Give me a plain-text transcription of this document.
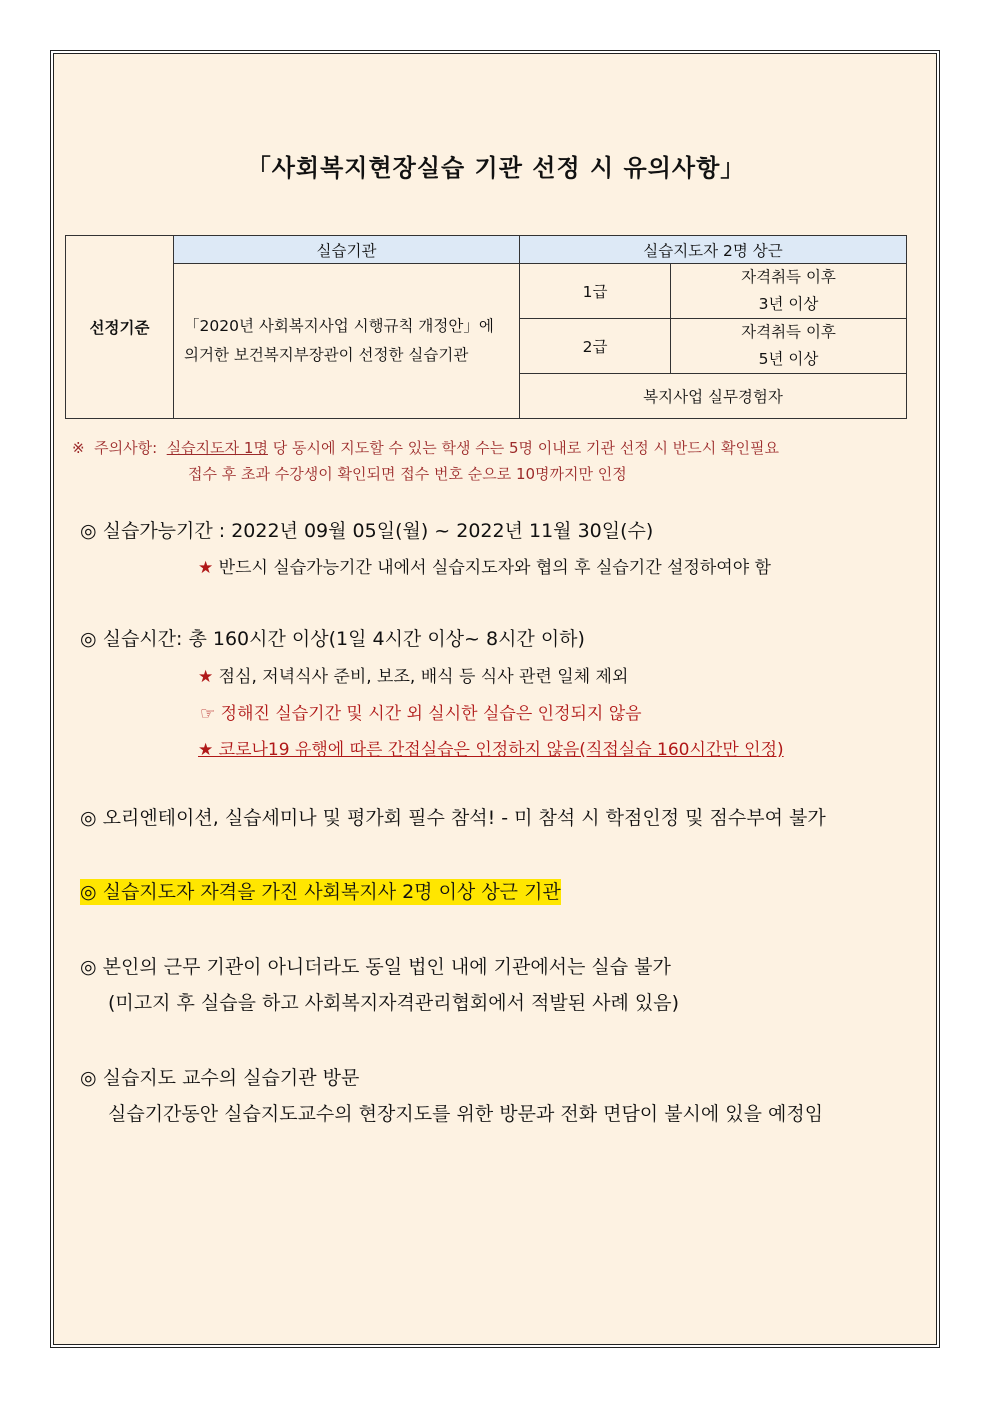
「사회복지현장실습 기관 선정 시 유의사항」
선정기준	실습기관	실습지도자 2명 상근	
	「2020년 사회복지사업 시행규칙 개정안」에 의거한 보건복지부장관이 선정한 실습기관	1급	자격취득 이후
3년 이상

		2급	자격취득 이후
5년 이상

		복지사업 실무경험자	
※ 주의사항: 실습지도자 1명 당 동시에 지도할 수 있는 학생 수는 5명 이내로 기관 선정 시 반드시 확인필요
접수 후 초과 수강생이 확인되면 접수 번호 순으로 10명까지만 인정
◎ 실습가능기간 : 2022년 09월 05일(월) ~ 2022년 11월 30일(수)
★ 반드시 실습가능기간 내에서 실습지도자와 협의 후 실습기간 설정하여야 함
◎ 실습시간: 총 160시간 이상(1일 4시간 이상~ 8시간 이하)
★ 점심, 저녁식사 준비, 보조, 배식 등 식사 관련 일체 제외
☞ 정해진 실습기간 및 시간 외 실시한 실습은 인정되지 않음
★ 코로나19 유행에 따른 간접실습은 인정하지 않음(직접실습 160시간만 인정)
◎ 오리엔테이션, 실습세미나 및 평가회 필수 참석! - 미 참석 시 학점인정 및 점수부여 불가
◎ 실습지도자 자격을 가진 사회복지사 2명 이상 상근 기관
◎ 본인의 근무 기관이 아니더라도 동일 법인 내에 기관에서는 실습 불가
(미고지 후 실습을 하고 사회복지자격관리협회에서 적발된 사례 있음)
◎ 실습지도 교수의 실습기관 방문
실습기간동안 실습지도교수의 현장지도를 위한 방문과 전화 면담이 불시에 있을 예정임
